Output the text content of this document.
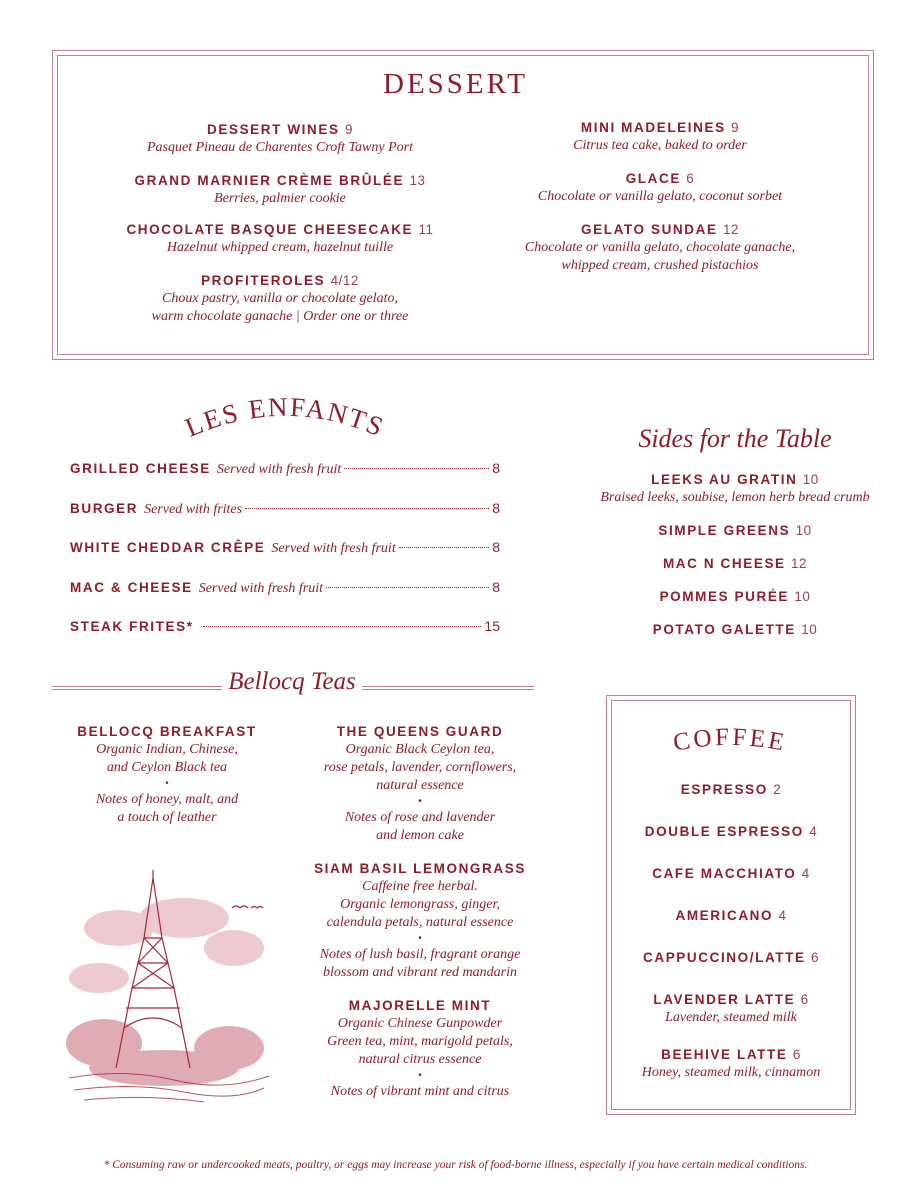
DESSERT
DESSERT WINES 9
Pasquet Pineau de Charentes Croft Tawny Port
GRAND MARNIER CRÈME BRÛLÉE 13
Berries, palmier cookie
CHOCOLATE BASQUE CHEESECAKE 11
Hazelnut whipped cream, hazelnut tuille
PROFITEROLES 4/12
Choux pastry, vanilla or chocolate gelato,
warm chocolate ganache | Order one or three
MINI MADELEINES 9
Citrus tea cake, baked to order
GLACE 6
Chocolate or vanilla gelato, coconut sorbet
GELATO SUNDAE 12
Chocolate or vanilla gelato, chocolate ganache,
whipped cream, crushed pistachios
LES ENFANTS
GRILLED CHEESE Served with fresh fruit	8
BURGER Served with frites	8
WHITE CHEDDAR CRÊPE Served with fresh fruit	8
MAC & CHEESE Served with fresh fruit	8
STEAK FRITES*	15
Sides for the Table
LEEKS AU GRATIN 10
Braised leeks, soubise, lemon herb bread crumb
SIMPLE GREENS 10
MAC N CHEESE 12
POMMES PURÉE 10
POTATO GALETTE 10
Bellocq Teas
BELLOCQ BREAKFAST
Organic Indian, Chinese,
and Ceylon Black tea
•
Notes of honey, malt, and
a touch of leather
THE QUEENS GUARD
Organic Black Ceylon tea,
rose petals, lavender, cornflowers,
natural essence
•
Notes of rose and lavender
and lemon cake
SIAM BASIL LEMONGRASS
Caffeine free herbal.
Organic lemongrass, ginger,
calendula petals, natural essence
•
Notes of lush basil, fragrant orange
blossom and vibrant red mandarin
MAJORELLE MINT
Organic Chinese Gunpowder
Green tea, mint, marigold petals,
natural citrus essence
•
Notes of vibrant mint and citrus
COFFEE
ESPRESSO 2
DOUBLE ESPRESSO 4
CAFE MACCHIATO 4
AMERICANO 4
CAPPUCCINO/LATTE 6
LAVENDER LATTE 6
Lavender, steamed milk
BEEHIVE LATTE 6
Honey, steamed milk, cinnamon
* Consuming raw or undercooked meats, poultry, or eggs may increase your risk of food-borne illness, especially if you have certain medical conditions.
